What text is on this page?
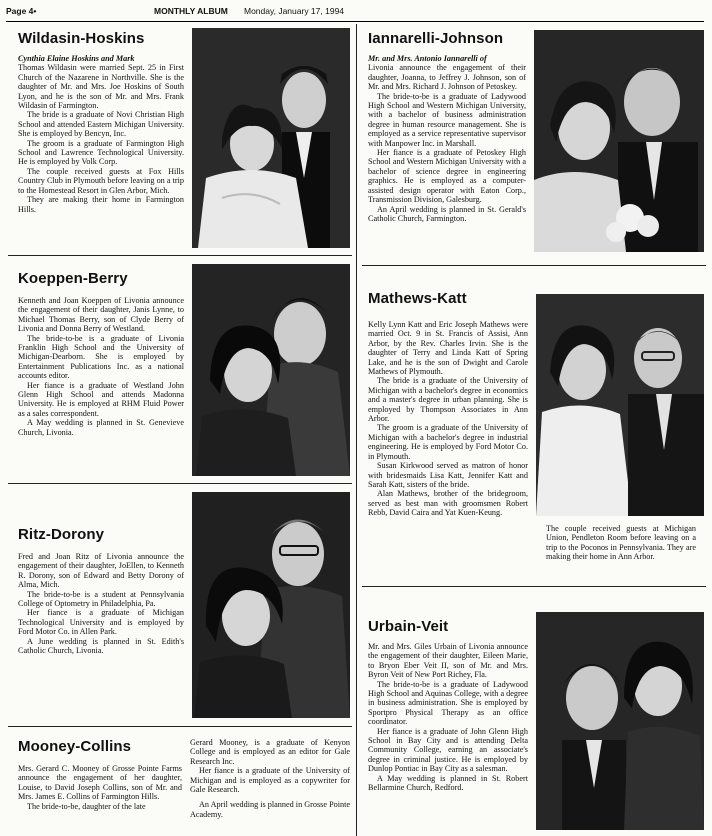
Page 4•	MONTHLY ALBUM Monday, January 17, 1994
Wildasin-Hoskins

Cynthia Elaine Hoskins and Mark

Thomas Wildasin were married Sept. 25 in First Church of the Nazarene in Northville. She is the daughter of Mr. and Mrs. Joe Hoskins of South Lyon, and he is the son of Mr. and Mrs. Frank Wildasin of Farmington.

The bride is a graduate of Novi Christian High School and attended Eastern Michigan University. She is employed by Bencyn, Inc.

The groom is a graduate of Farmington High School and Lawrence Technological University. He is employed by Volk Corp.

The couple received guests at Fox Hills Country Club in Plymouth before leaving on a trip to the Homestead Resort in Glen Arbor, Mich.

They are making their home in Farmington Hills.

Iannarelli-Johnson

Mr. and Mrs. Antonio Iannarelli of

Livonia announce the engagement of their daughter, Joanna, to Jeffrey J. Johnson, son of Mr. and Mrs. Richard J. Johnson of Petoskey.

The bride-to-be is a graduate of Ladywood High School and Western Michigan University, with a bachelor of business administration degree in human resource management. She is employed as a service representative supervisor with Manpower Inc. in Marshall.

Her fiance is a graduate of Petoskey High School and Western Michigan University with a bachelor of science degree in engineering graphics. He is employed as a computer-assisted design operator with Eaton Corp., Transmission Division, Galesburg.

An April wedding is planned in St. Gerald's Catholic Church, Farmington.

Koeppen-Berry

Kenneth and Joan Koeppen of Livonia announce the engagement of their daughter, Janis Lynne, to Michael Thomas Berry, son of Clyde Berry of Livonia and Donna Berry of Westland.

The bride-to-be is a graduate of Livonia Franklin High School and the University of Michigan-Dearborn. She is employed by Entertainment Publications Inc. as a national accounts editor.

Her fiance is a graduate of Westland John Glenn High School and attends Madonna University. He is employed at RHM Fluid Power as a sales correspondent.

A May wedding is planned in St. Genevieve Church, Livonia.

Mathews-Katt

Kelly Lynn Katt and Eric Joseph Mathews were married Oct. 9 in St. Francis of Assisi, Ann Arbor, by the Rev. Charles Irvin. She is the daughter of Terry and Linda Katt of Spring Lake, and he is the son of Dwight and Carole Mathews of Plymouth.

The bride is a graduate of the University of Michigan with a bachelor's degree in economics and a master's degree in urban planning. She is employed by Thompson Associates in Ann Arbor.

The groom is a graduate of the University of Michigan with a bachelor's degree in industrial engineering. He is employed by Ford Motor Co. in Plymouth.

Susan Kirkwood served as matron of honor with bridesmaids Lisa Katt, Jennifer Katt and Sarah Katt, sisters of the bride.

Alan Mathews, brother of the bridegroom, served as best man with groomsmen Robert Rebb, David Caira and Yat Kuen-Keung.

The couple received guests at Michigan Union, Pendleton Room before leaving on a trip to the Poconos in Pennsylvania. They are making their home in Ann Arbor.
Ritz-Dorony

Fred and Joan Ritz of Livonia announce the engagement of their daughter, JoEllen, to Kenneth R. Dorony, son of Edward and Betty Dorony of Alma, Mich.

The bride-to-be is a student at Pennsylvania College of Optometry in Philadelphia, Pa.

Her fiance is a graduate of Michigan Technological University and is employed by Ford Motor Co. in Allen Park.

A June wedding is planned in St. Edith's Catholic Church, Livonia.

Urbain-Veit

Mr. and Mrs. Giles Urbain of Livonia announce the engagement of their daughter, Eileen Marie, to Bryon Eber Veit II, son of Mr. and Mrs. Byron Veit of New Port Richey, Fla.

The bride-to-be is a graduate of Ladywood High School and Aquinas College, with a degree in business administration. She is employed by Sportpro Physical Therapy as an office coordinator.

Her fiance is a graduate of John Glenn High School in Bay City and is attending Delta Community College, earning an associate's degree in criminal justice. He is employed by Dunlop Pontiac in Bay City as a salesman.

A May wedding is planned in St. Robert Bellarmine Church, Redford.

Mooney-Collins

Mrs. Gerard C. Mooney of Grosse Pointe Farms announce the engagement of her daughter, Louise, to David Joseph Collins, son of Mr. and Mrs. James E. Collins of Farmington Hills.

The bride-to-be, daughter of the late

Gerard Mooney, is a graduate of Kenyon College and is employed as an editor for Gale Research Inc.

Her fiance is a graduate of the University of Michigan and is employed as a copywriter for Gale Research.

An April wedding is planned in Grosse Pointe Academy.
